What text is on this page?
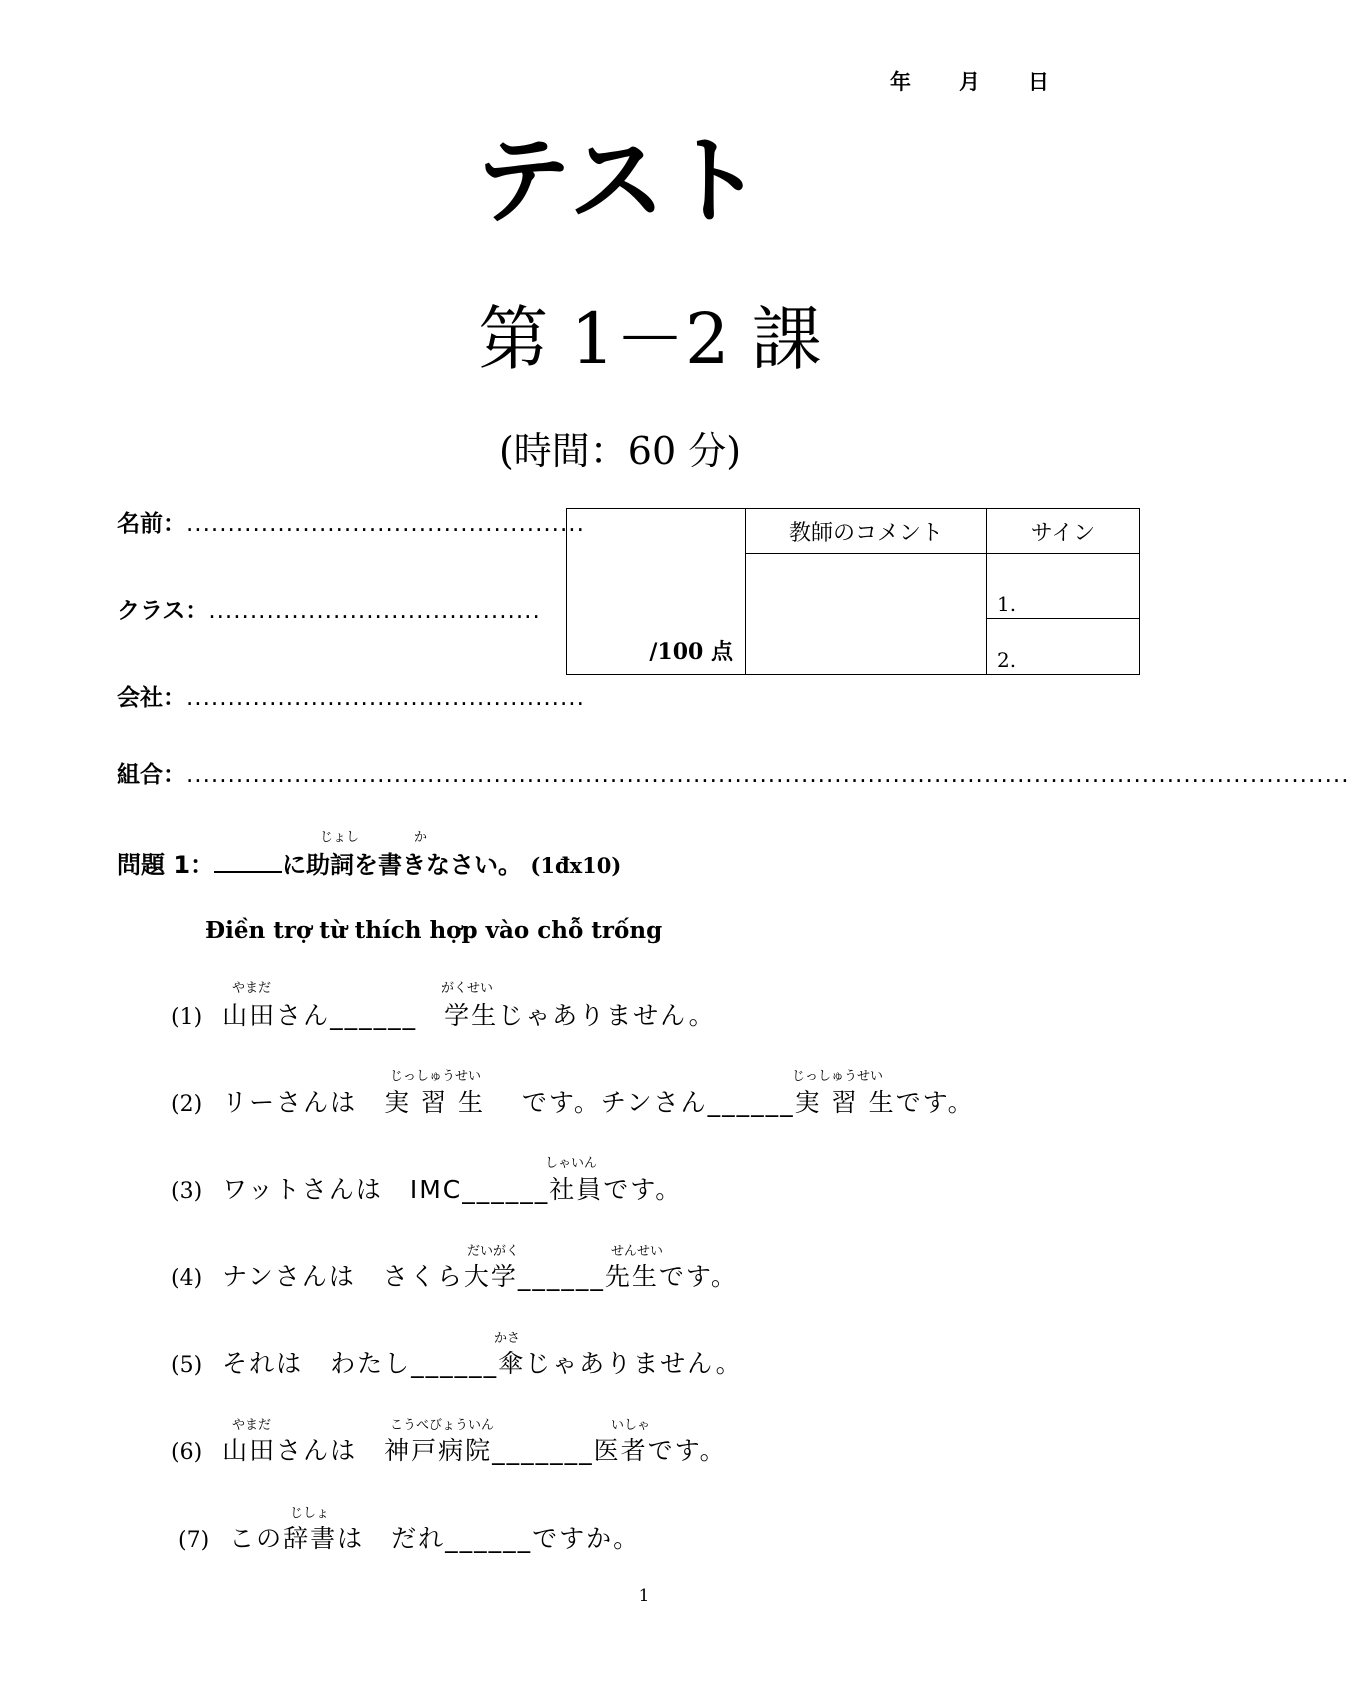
年 月 日
テスト
第 1－2 課
(時間：60 分)
名前：................................................
クラス：........................................
会社：................................................
組合：............................................................................................................................................
/100 点	教師のコメント	サイン
		1.
		2.
じょし	か
問題 1：	に助詞を書きなさい。 (1đx10)
Điền trợ từ thích hợp vào chỗ trống
やまだ	がくせい
(1) 山田さん______　学生じゃありません。
じっしゅうせい	じっしゅうせい
(2) リーさんは　実 習 生　 です。チンさん______実 習 生です。
しゃいん
(3) ワットさんは　IMC______社員です。
だいがく	せんせい
(4) ナンさんは　さくら大学______先生です。
かさ
(5) それは　わたし______傘じゃありません。
やまだ	こうべびょういん	いしゃ
(6) 山田さんは　神戸病院_______医者です。
じしょ
(7) この辞書は　だれ______ですか。
1
